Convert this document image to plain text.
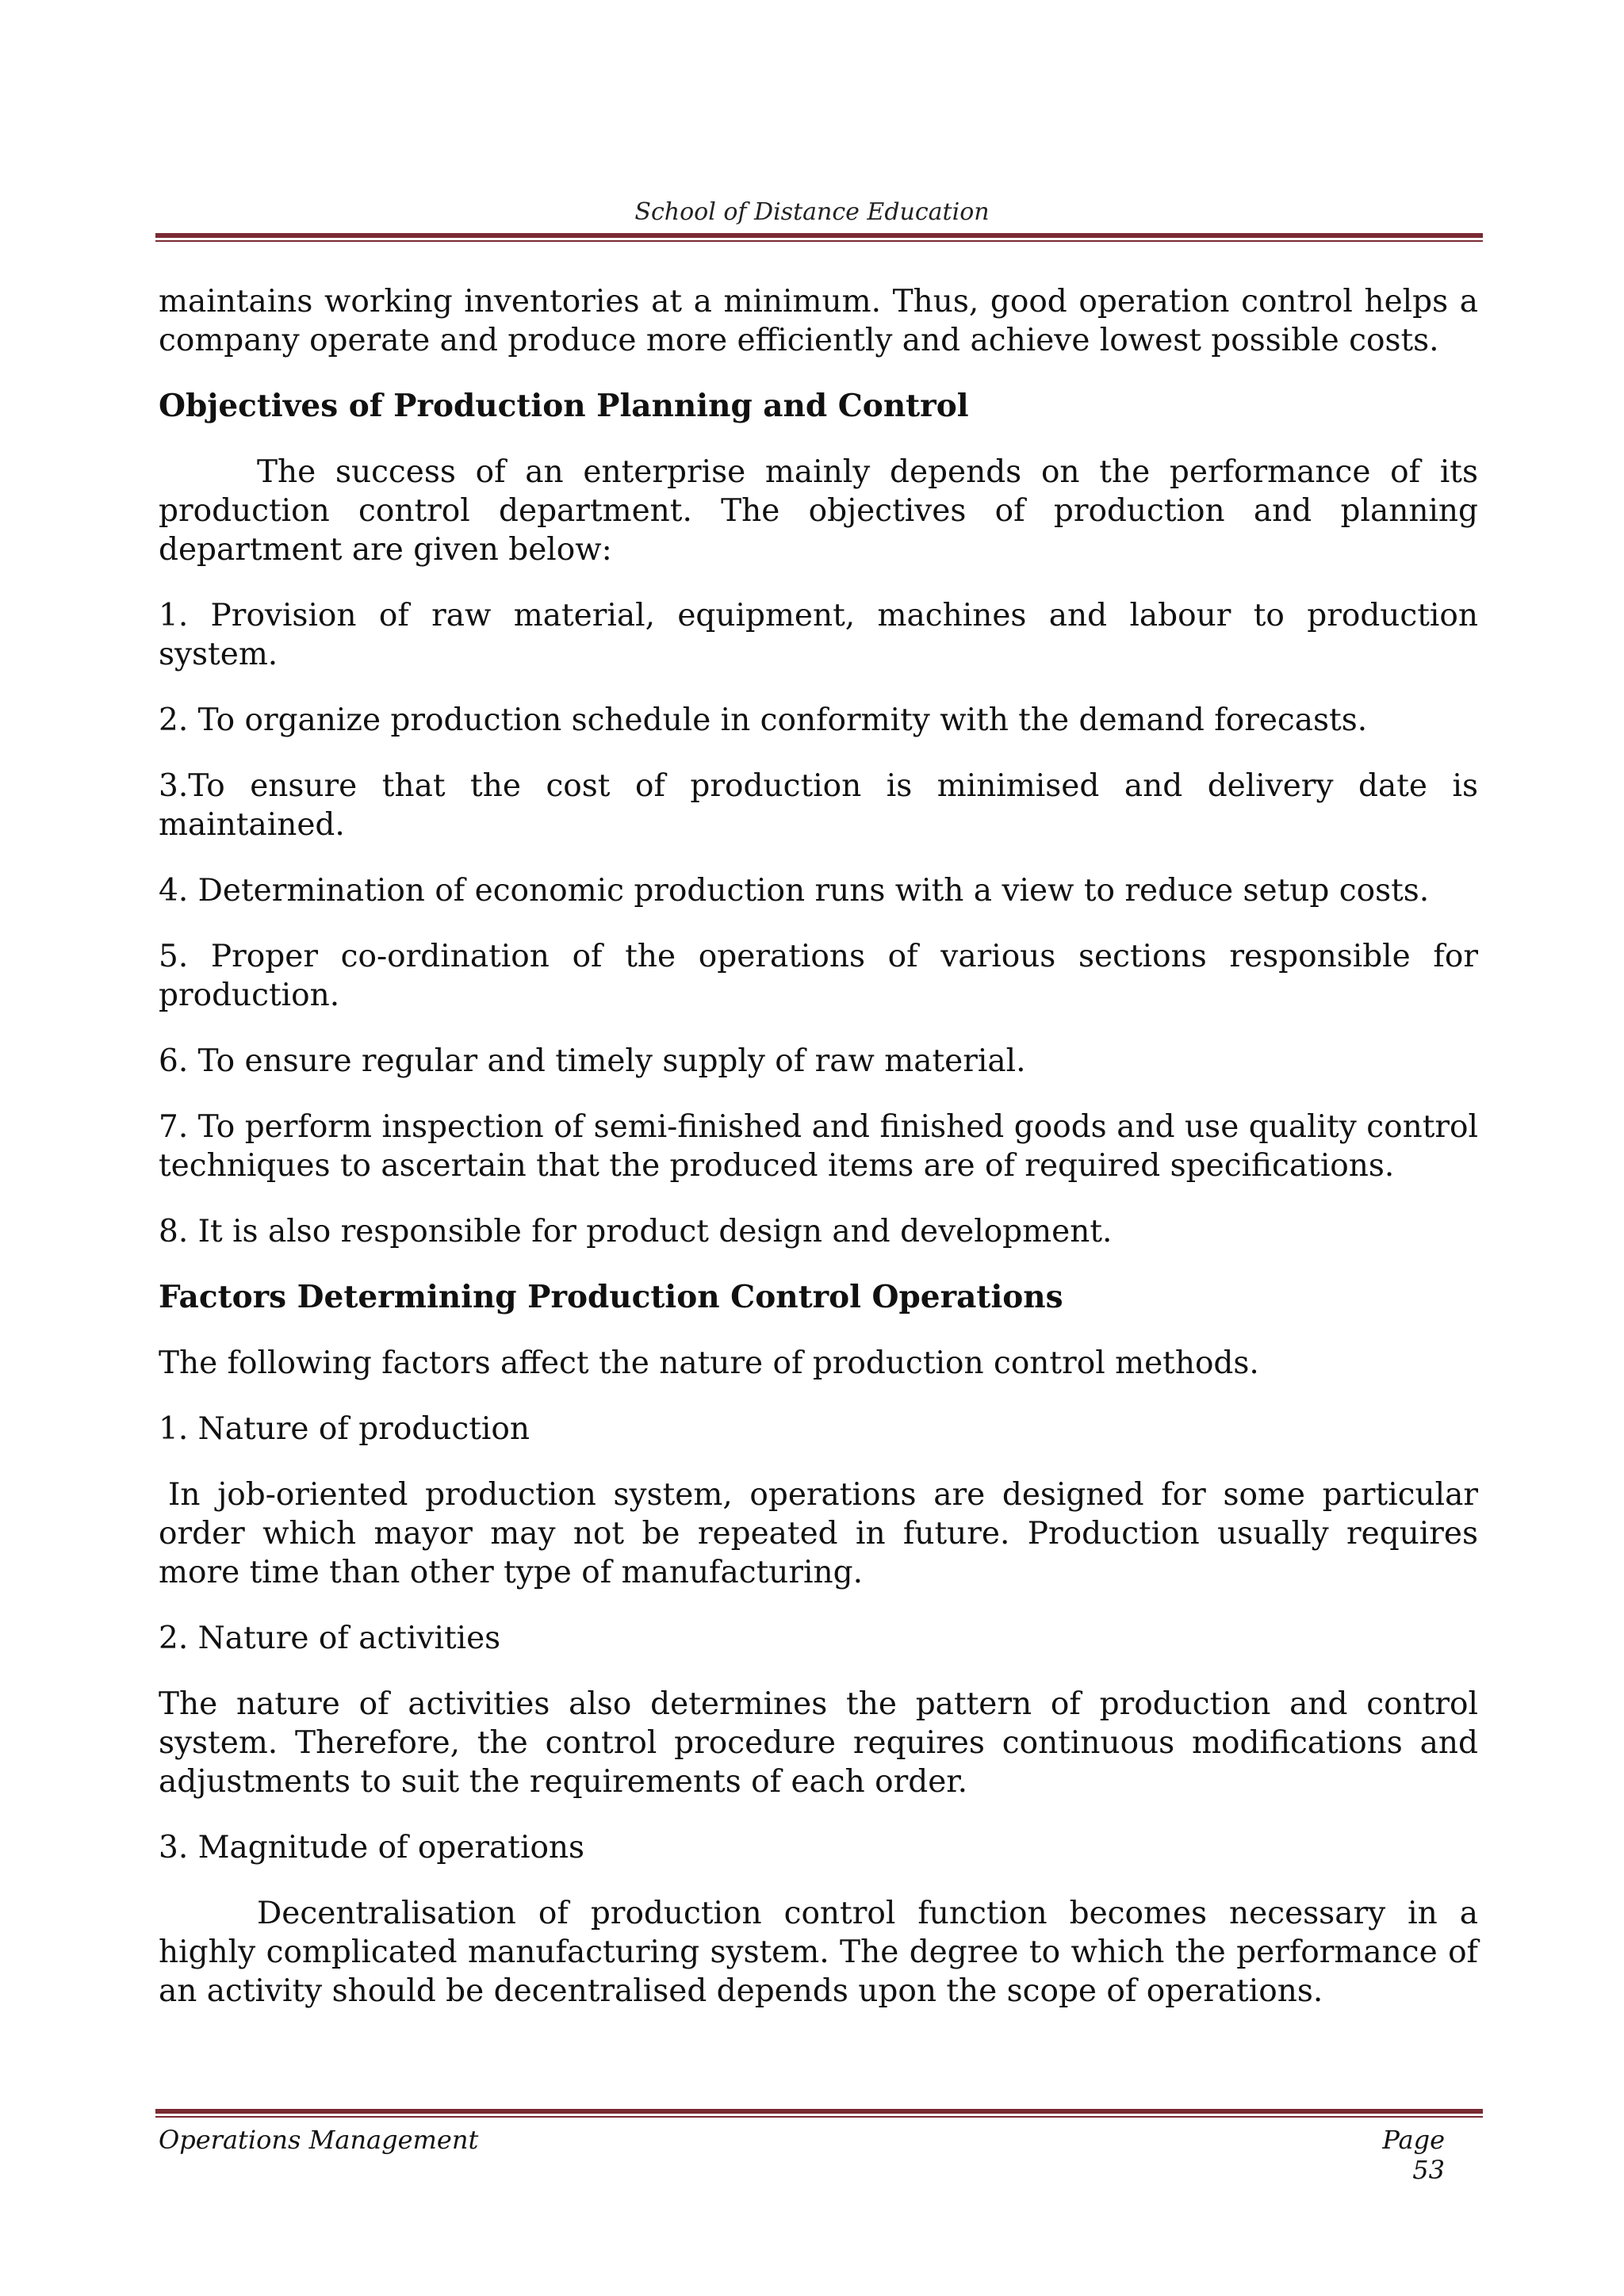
School of Distance Education

maintains working inventories at a minimum. Thus, good operation control helps a company operate and produce more efficiently and achieve lowest possible costs.

Objectives of Production Planning and Control

The success of an enterprise mainly depends on the performance of its production control department. The objectives of production and planning department are given below:

1. Provision of raw material, equipment, machines and labour to production system.

2. To organize production schedule in conformity with the demand forecasts.

3.To ensure that the cost of production is minimised and delivery date is maintained.

4. Determination of economic production runs with a view to reduce setup costs.

5. Proper co-ordination of the operations of various sections responsible for production.

6. To ensure regular and timely supply of raw material.

7. To perform inspection of semi-finished and finished goods and use quality control techniques to ascertain that the produced items are of required specifications.

8. It is also responsible for product design and development.

Factors Determining Production Control Operations

The following factors affect the nature of production control methods.

1. Nature of production

In job-oriented production system, operations are designed for some particular order which mayor may not be repeated in future. Production usually requires more time than other type of manufacturing.

2. Nature of activities

The nature of activities also determines the pattern of production and control system. Therefore, the control procedure requires continuous modifications and adjustments to suit the requirements of each order.

3. Magnitude of operations

Decentralisation of production control function becomes necessary in a highly complicated manufacturing system. The degree to which the performance of an activity should be decentralised depends upon the scope of operations.

Operations Management	Page 53
